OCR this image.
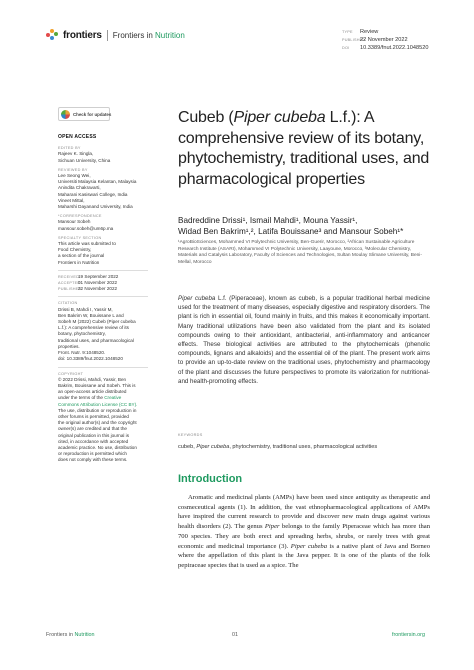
frontiers Frontiers in Nutrition	TYPE Review
PUBLISHED22 November 2022
DOI 10.3389/fnut.2022.1048520
Check for updates
OPEN ACCESS
EDITED BY
Rajeev K. Singla,
Sichuan University, China
REVIEWED BY
Lee Seong Wei,
Universiti Malaysia Kelantan, Malaysia
Anindita Chakravarti,
Maharani Kasiswari College, India
Vineet Mittal,
Maharshi Dayanand University, India
*CORRESPONDENCE
Mansour Sobeh
mansour.sobeh@um6p.ma
SPECIALTY SECTION
This article was submitted to
Food Chemistry,
a section of the journal
Frontiers in Nutrition
RECEIVED
19 September 2022
ACCEPTED
01 November 2022
PUBLISHED
22 November 2022
CITATION
Drissi B, Mahdi I, Yassir M,
Ben Bakrim W, Bouissane L and
Sobeh M (2022) Cubeb (Piper cubeba
L.f.): A comprehensive review of its
botany, phytochemistry,
traditional uses, and pharmacological
properties.
Front. Nutr. 9:1048520.
doi: 10.3389/fnut.2022.1048520
COPYRIGHT
© 2022 Drissi, Mahdi, Yassir, Ben
Bakrim, Bouissane and Sobeh. This is
an open-access article distributed
under the terms of the Creative
Commons Attribution License (CC BY).
The use, distribution or reproduction in
other forums is permitted, provided
the original author(s) and the copyright
owner(s) are credited and that the
original publication in this journal is
cited, in accordance with accepted
academic practice. No use, distribution
or reproduction is permitted which
does not comply with these terms.
Cubeb (Piper cubeba L.f.): A comprehensive review of its botany, phytochemistry, traditional uses, and pharmacological properties
Badreddine Drissi¹, Ismail Mahdi¹, Mouna Yassir¹,
Widad Ben Bakrim¹,², Latifa Bouissane³ and Mansour Sobeh¹*
¹AgroBioSciences, Mohammed VI Polytechnic University, Ben-Guerir, Morocco, ²African Sustainable Agriculture Research Institute (ASARI), Mohammed VI Polytechnic University, Laayoune, Morocco, ³Molecular Chemistry, Materials and Catalysis Laboratory, Faculty of Sciences and Technologies, Sultan Moulay Slimane University, Beni-Mellal, Morocco
Piper cubeba L.f. (Piperaceae), known as cubeb, is a popular traditional herbal medicine used for the treatment of many diseases, especially digestive and respiratory disorders. The plant is rich in essential oil, found mainly in fruits, and this makes it economically important. Many traditional utilizations have been also validated from the plant and its isolated compounds owing to their antioxidant, antibacterial, anti-inflammatory and anticancer effects. These biological activities are attributed to the phytochemicals (phenolic compounds, lignans and alkaloids) and the essential oil of the plant. The present work aims to provide an up-to-date review on the traditional uses, phytochemistry and pharmacology of the plant and discusses the future perspectives to promote its valorization for nutritional- and health-promoting effects.
KEYWORDS
cubeb, Piper cubeba, phytochemistry, traditional uses, pharmacological activities
Introduction

Aromatic and medicinal plants (AMPs) have been used since antiquity as therapeutic and cosmeceutical agents (1). In addition, the vast ethnopharmacological applications of AMPs have inspired the current research to provide and discover new main drugs against various health disorders (2). The genus Piper belongs to the family Piperaceae which has more than 700 species. They are both erect and spreading herbs, shrubs, or rarely trees with great economic and medicinal importance (3). Piper cubeba is a native plant of Java and Borneo where the appellation of this plant is the Java pepper. It is one of the plants of the folk pepiraceae species that is used as a spice. The

Frontiers in Nutrition	01	frontiersin.org
